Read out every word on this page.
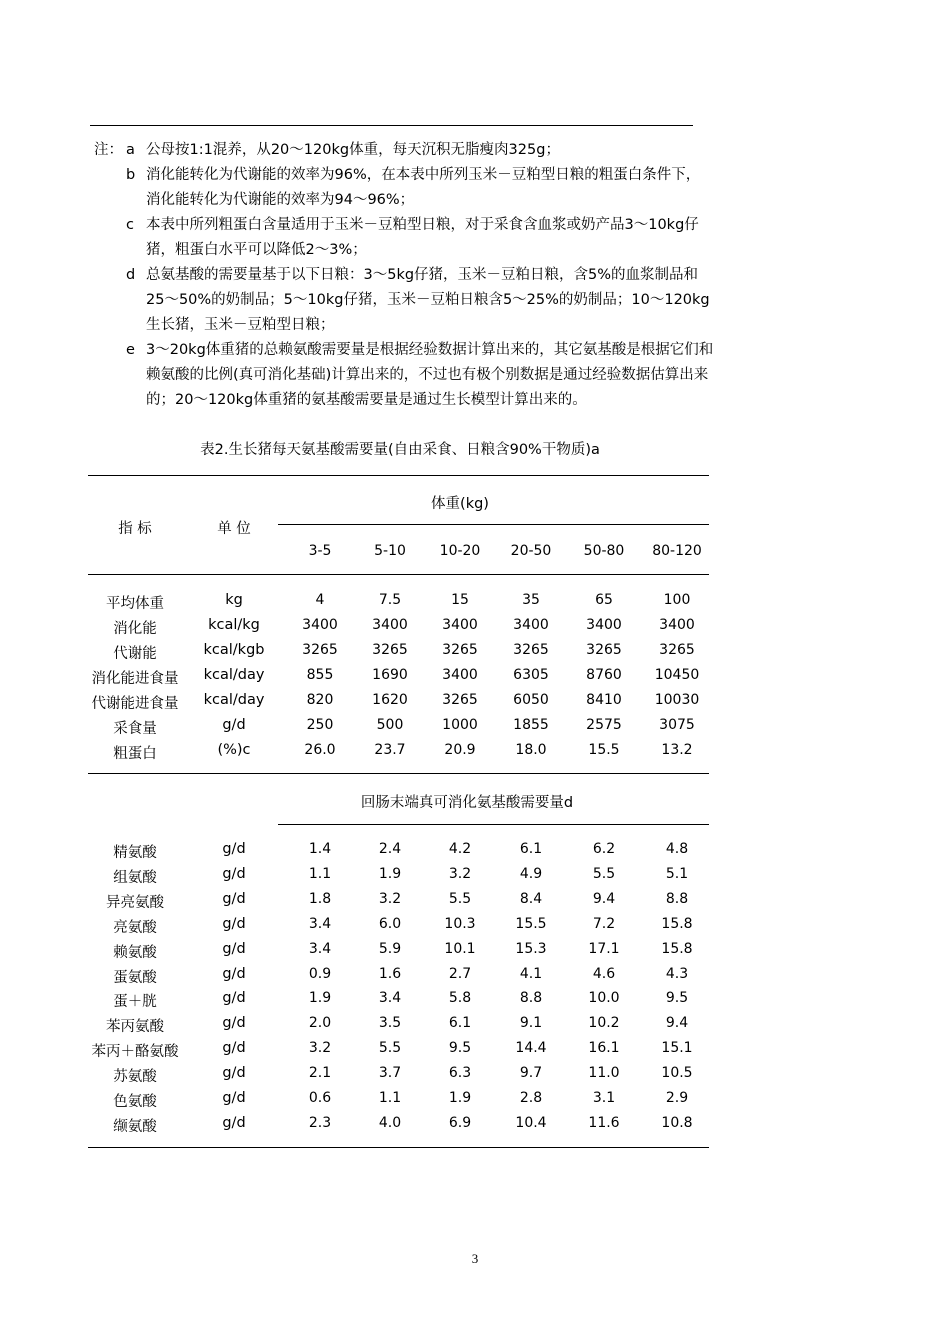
注： a 公母按1:1混养，从20～120kg体重，每天沉积无脂瘦肉325g；
b 消化能转化为代谢能的效率为96%，在本表中所列玉米－豆粕型日粮的粗蛋白条件下，消化能转化为代谢能的效率为94～96%；
c 本表中所列粗蛋白含量适用于玉米－豆粕型日粮，对于采食含血浆或奶产品3～10kg仔猪，粗蛋白水平可以降低2～3%；
d 总氨基酸的需要量基于以下日粮：3～5kg仔猪，玉米－豆粕日粮，含5%的血浆制品和25～50%的奶制品；5～10kg仔猪，玉米－豆粕日粮含5～25%的奶制品；10～120kg生长猪，玉米－豆粕型日粮；
e 3～20kg体重猪的总赖氨酸需要量是根据经验数据计算出来的，其它氨基酸是根据它们和赖氨酸的比例(真可消化基础)计算出来的，不过也有极个别数据是通过经验数据估算出来的；20～120kg体重猪的氨基酸需要量是通过生长模型计算出来的。
表2.生长猪每天氨基酸需要量(自由采食、日粮含90%干物质)a
指 标	单 位
体重(kg)
3-5	5-10 10-20 20-50 50-80 80-120
平均体重	kg	4	7.5	15	35	65	100
消化能	kcal/kg	3400 3400 3400	3400	3400	3400
代谢能	kcal/kgb	3265 3265 3265	3265	3265	3265
消化能进食量 kcal/day	855	1690 3400	6305	8760 10450
代谢能进食量 kcal/day	820	1620 3265	6050	8410 10030
采食量	g/d	250	500	1000	1855	2575	3075
粗蛋白	(%)c	26.0	23.7	20.9	18.0	15.5	13.2
回肠末端真可消化氨基酸需要量d
精氨酸	g/d	1.4	2.4	4.2	6.1	6.2	4.8
组氨酸	g/d	1.1	1.9	3.2	4.9	5.5	5.1
异亮氨酸	g/d	1.8	3.2	5.5	8.4	9.4	8.8
亮氨酸	g/d	3.4	6.0	10.3	15.5	7.2	15.8
赖氨酸	g/d	3.4	5.9	10.1	15.3	17.1	15.8
蛋氨酸	g/d	0.9	1.6	2.7	4.1	4.6	4.3
蛋＋胱	g/d	1.9	3.4	5.8	8.8	10.0	9.5
苯丙氨酸	g/d	2.0	3.5	6.1	9.1	10.2	9.4
苯丙＋酪氨酸	g/d	3.2	5.5	9.5	14.4	16.1	15.1
苏氨酸	g/d	2.1	3.7	6.3	9.7	11.0	10.5
色氨酸	g/d	0.6	1.1	1.9	2.8	3.1	2.9
缬氨酸	g/d	2.3	4.0	6.9	10.4	11.6	10.8
3
